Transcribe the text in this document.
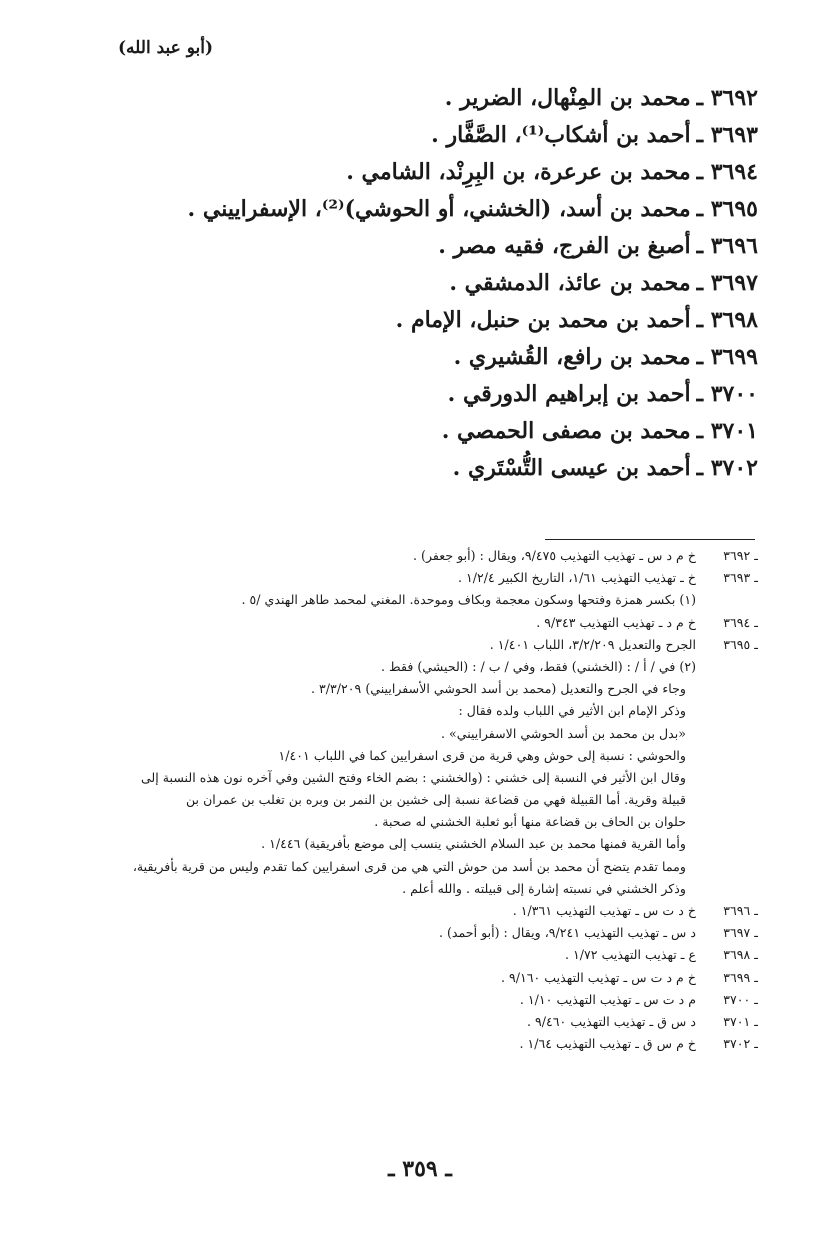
(أبو عبد الله)
٣٦٩٢ ـمحمد بن المِنْهال، الضرير .
٣٦٩٣ ـأحمد بن أشكاب⁽¹⁾، الصَّفَّار .
٣٦٩٤ ـمحمد بن عرعرة، بن البِرِنْد، الشامي .
٣٦٩٥ ـمحمد بن أسد، (الخشني، أو الحوشي)⁽²⁾، الإسفراييني .
٣٦٩٦ ـأصبغ بن الفرج، فقيه مصر .
٣٦٩٧ ـمحمد بن عائذ، الدمشقي .
٣٦٩٨ ـأحمد بن محمد بن حنبل، الإمام .
٣٦٩٩ ـمحمد بن رافع، القُشيري .
٣٧٠٠ ـأحمد بن إبراهيم الدورقي .
٣٧٠١ ـمحمد بن مصفى الحمصي .
٣٧٠٢ ـأحمد بن عيسى التُّسْتَري .
ـ ٣٦٩٢خ م د س ـ تهذيب التهذيب ٩/٤٧٥، ويقال : (أبو جعفر) .
ـ ٣٦٩٣خ ـ تهذيب التهذيب ١/٦١، التاريخ الكبير ١/٢/٤ .
(١) بكسر همزة وفتحها وسكون معجمة وبكاف وموحدة. المغني لمحمد طاهر الهندي /٥ .
ـ ٣٦٩٤خ م د ـ تهذيب التهذيب ٩/٣٤٣ .
ـ ٣٦٩٥الجرح والتعديل ٣/٢/٢٠٩، اللباب ١/٤٠١ .
(٢) في / أ / : (الخشني) فقط، وفي / ب / : (الحيشي) فقط .
وجاء في الجرح والتعديل (محمد بن أسد الحوشي الأسفراييني) ٣/٣/٢٠٩ .
وذكر الإمام ابن الأثير في اللباب ولده فقال :
«بدل بن محمد بن أسد الحوشي الاسفراييني» .
والحوشي : نسبة إلى حوش وهي قرية من قرى اسفرايين كما في اللباب ١/٤٠١
وقال ابن الأثير في النسبة إلى خشني : (والخشني : بضم الخاء وفتح الشين وفي آخره نون هذه النسبة إلى
قبيلة وقرية. أما القبيلة فهي من قضاعة نسبة إلى خشين بن النمر بن وبره بن تغلب بن عمران بن
حلوان بن الحاف بن قضاعة منها أبو ثعلبة الخشني له صحبة .
وأما القرية فمنها محمد بن عبد السلام الخشني ينسب إلى موضع بأفريقية) ١/٤٤٦ .
ومما تقدم يتضح أن محمد بن أسد من حوش التي هي من قرى اسفرايين كما تقدم وليس من قرية بأفريقية،
وذكر الخشني في نسبته إشارة إلى قبيلته . والله أعلم .
ـ ٣٦٩٦خ د ت س ـ تهذيب التهذيب ١/٣٦١ .
ـ ٣٦٩٧د س ـ تهذيب التهذيب ٩/٢٤١، ويقال : (أبو أحمد) .
ـ ٣٦٩٨ع ـ تهذيب التهذيب ١/٧٢ .
ـ ٣٦٩٩خ م د ت س ـ تهذيب التهذيب ٩/١٦٠ .
ـ ٣٧٠٠م د ت س ـ تهذيب التهذيب ١/١٠ .
ـ ٣٧٠١د س ق ـ تهذيب التهذيب ٩/٤٦٠ .
ـ ٣٧٠٢خ م س ق ـ تهذيب التهذيب ١/٦٤ .
ـ ٣٥٩ ـ
